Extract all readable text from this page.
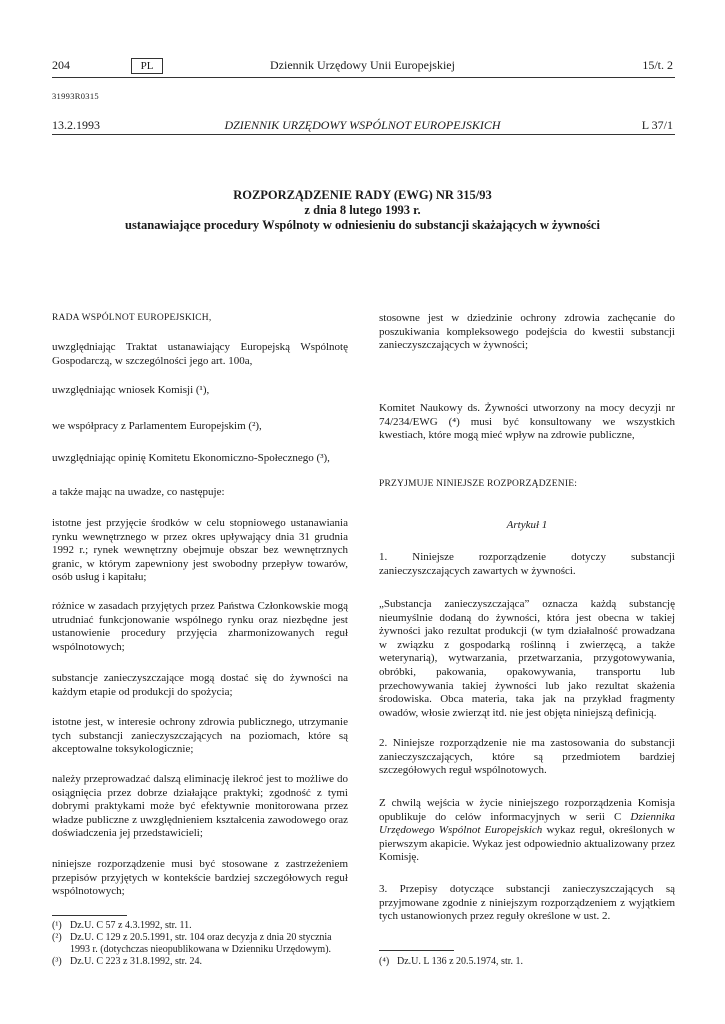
204	PL	Dziennik Urzędowy Unii Europejskiej	15/t. 2
31993R0315
13.2.1993	DZIENNIK URZĘDOWY WSPÓLNOT EUROPEJSKICH	L 37/1
ROZPORZĄDZENIE RADY (EWG) NR 315/93
z dnia 8 lutego 1993 r.
ustanawiające procedury Wspólnoty w odniesieniu do substancji skażających w żywności

RADA WSPÓLNOT EUROPEJSKICH,

uwzględniając Traktat ustanawiający Europejską Wspólnotę Gospodarczą, w szczególności jego art. 100a,

uwzględniając wniosek Komisji (¹),

we współpracy z Parlamentem Europejskim (²),

uwzględniając opinię Komitetu Ekonomiczno-Społecznego (³),

a także mając na uwadze, co następuje:

istotne jest przyjęcie środków w celu stopniowego ustanawiania rynku wewnętrznego w przez okres upływający dnia 31 grudnia 1992 r.; rynek wewnętrzny obejmuje obszar bez wewnętrznych granic, w którym zapewniony jest swobodny przepływ towarów, osób usług i kapitału;

różnice w zasadach przyjętych przez Państwa Członkowskie mogą utrudniać funkcjonowanie wspólnego rynku oraz niezbędne jest ustanowienie procedury przyjęcia zharmonizowanych reguł wspólnotowych;

substancje zanieczyszczające mogą dostać się do żywności na każdym etapie od produkcji do spożycia;

istotne jest, w interesie ochrony zdrowia publicznego, utrzymanie tych substancji zanieczyszczających na poziomach, które są akceptowalne toksykologicznie;

należy przeprowadzać dalszą eliminację ilekroć jest to możliwe do osiągnięcia przez dobrze działające praktyki; zgodność z tymi dobrymi praktykami może być efektywnie monitorowana przez władze publiczne z uwzględnieniem kształcenia zawodowego oraz doświadczenia jej przedstawicieli;

niniejsze rozporządzenie musi być stosowane z zastrzeżeniem przepisów przyjętych w kontekście bardziej szczegółowych reguł wspólnotowych;

(¹) Dz.U. C 57 z 4.3.1992, str. 11.
(²) Dz.U. C 129 z 20.5.1991, str. 104 oraz decyzja z dnia 20 stycznia 1993 r. (dotychczas nieopublikowana w Dzienniku Urzędowym).
(³) Dz.U. C 223 z 31.8.1992, str. 24.

stosowne jest w dziedzinie ochrony zdrowia zachęcanie do poszukiwania kompleksowego podejścia do kwestii substancji zanieczyszczających w żywności;

Komitet Naukowy ds. Żywności utworzony na mocy decyzji nr 74/234/EWG (⁴) musi być konsultowany we wszystkich kwestiach, które mogą mieć wpływ na zdrowie publiczne,

PRZYJMUJE NINIEJSZE ROZPORZĄDZENIE:

Artykuł 1

1. Niniejsze rozporządzenie dotyczy substancji zanieczyszczających zawartych w żywności.

„Substancja zanieczyszczająca” oznacza każdą substancję nieumyślnie dodaną do żywności, która jest obecna w takiej żywności jako rezultat produkcji (w tym działalność prowadzana w związku z gospodarką roślinną i zwierzęcą, a także weterynarią), wytwarzania, przetwarzania, przygotowywania, obróbki, pakowania, opakowywania, transportu lub przechowywania takiej żywności lub jako rezultat skażenia środowiska. Obca materia, taka jak na przykład fragmenty owadów, włosie zwierząt itd. nie jest objęta niniejszą definicją.

2. Niniejsze rozporządzenie nie ma zastosowania do substancji zanieczyszczających, które są przedmiotem bardziej szczegółowych reguł wspólnotowych.

Z chwilą wejścia w życie niniejszego rozporządzenia Komisja opublikuje do celów informacyjnych w serii C Dziennika Urzędowego Wspólnot Europejskich wykaz reguł, określonych w pierwszym akapicie. Wykaz jest odpowiednio aktualizowany przez Komisję.

3. Przepisy dotyczące substancji zanieczyszczających są przyjmowane zgodnie z niniejszym rozporządzeniem z wyjątkiem tych ustanowionych przez reguły określone w ust. 2.

(⁴) Dz.U. L 136 z 20.5.1974, str. 1.
